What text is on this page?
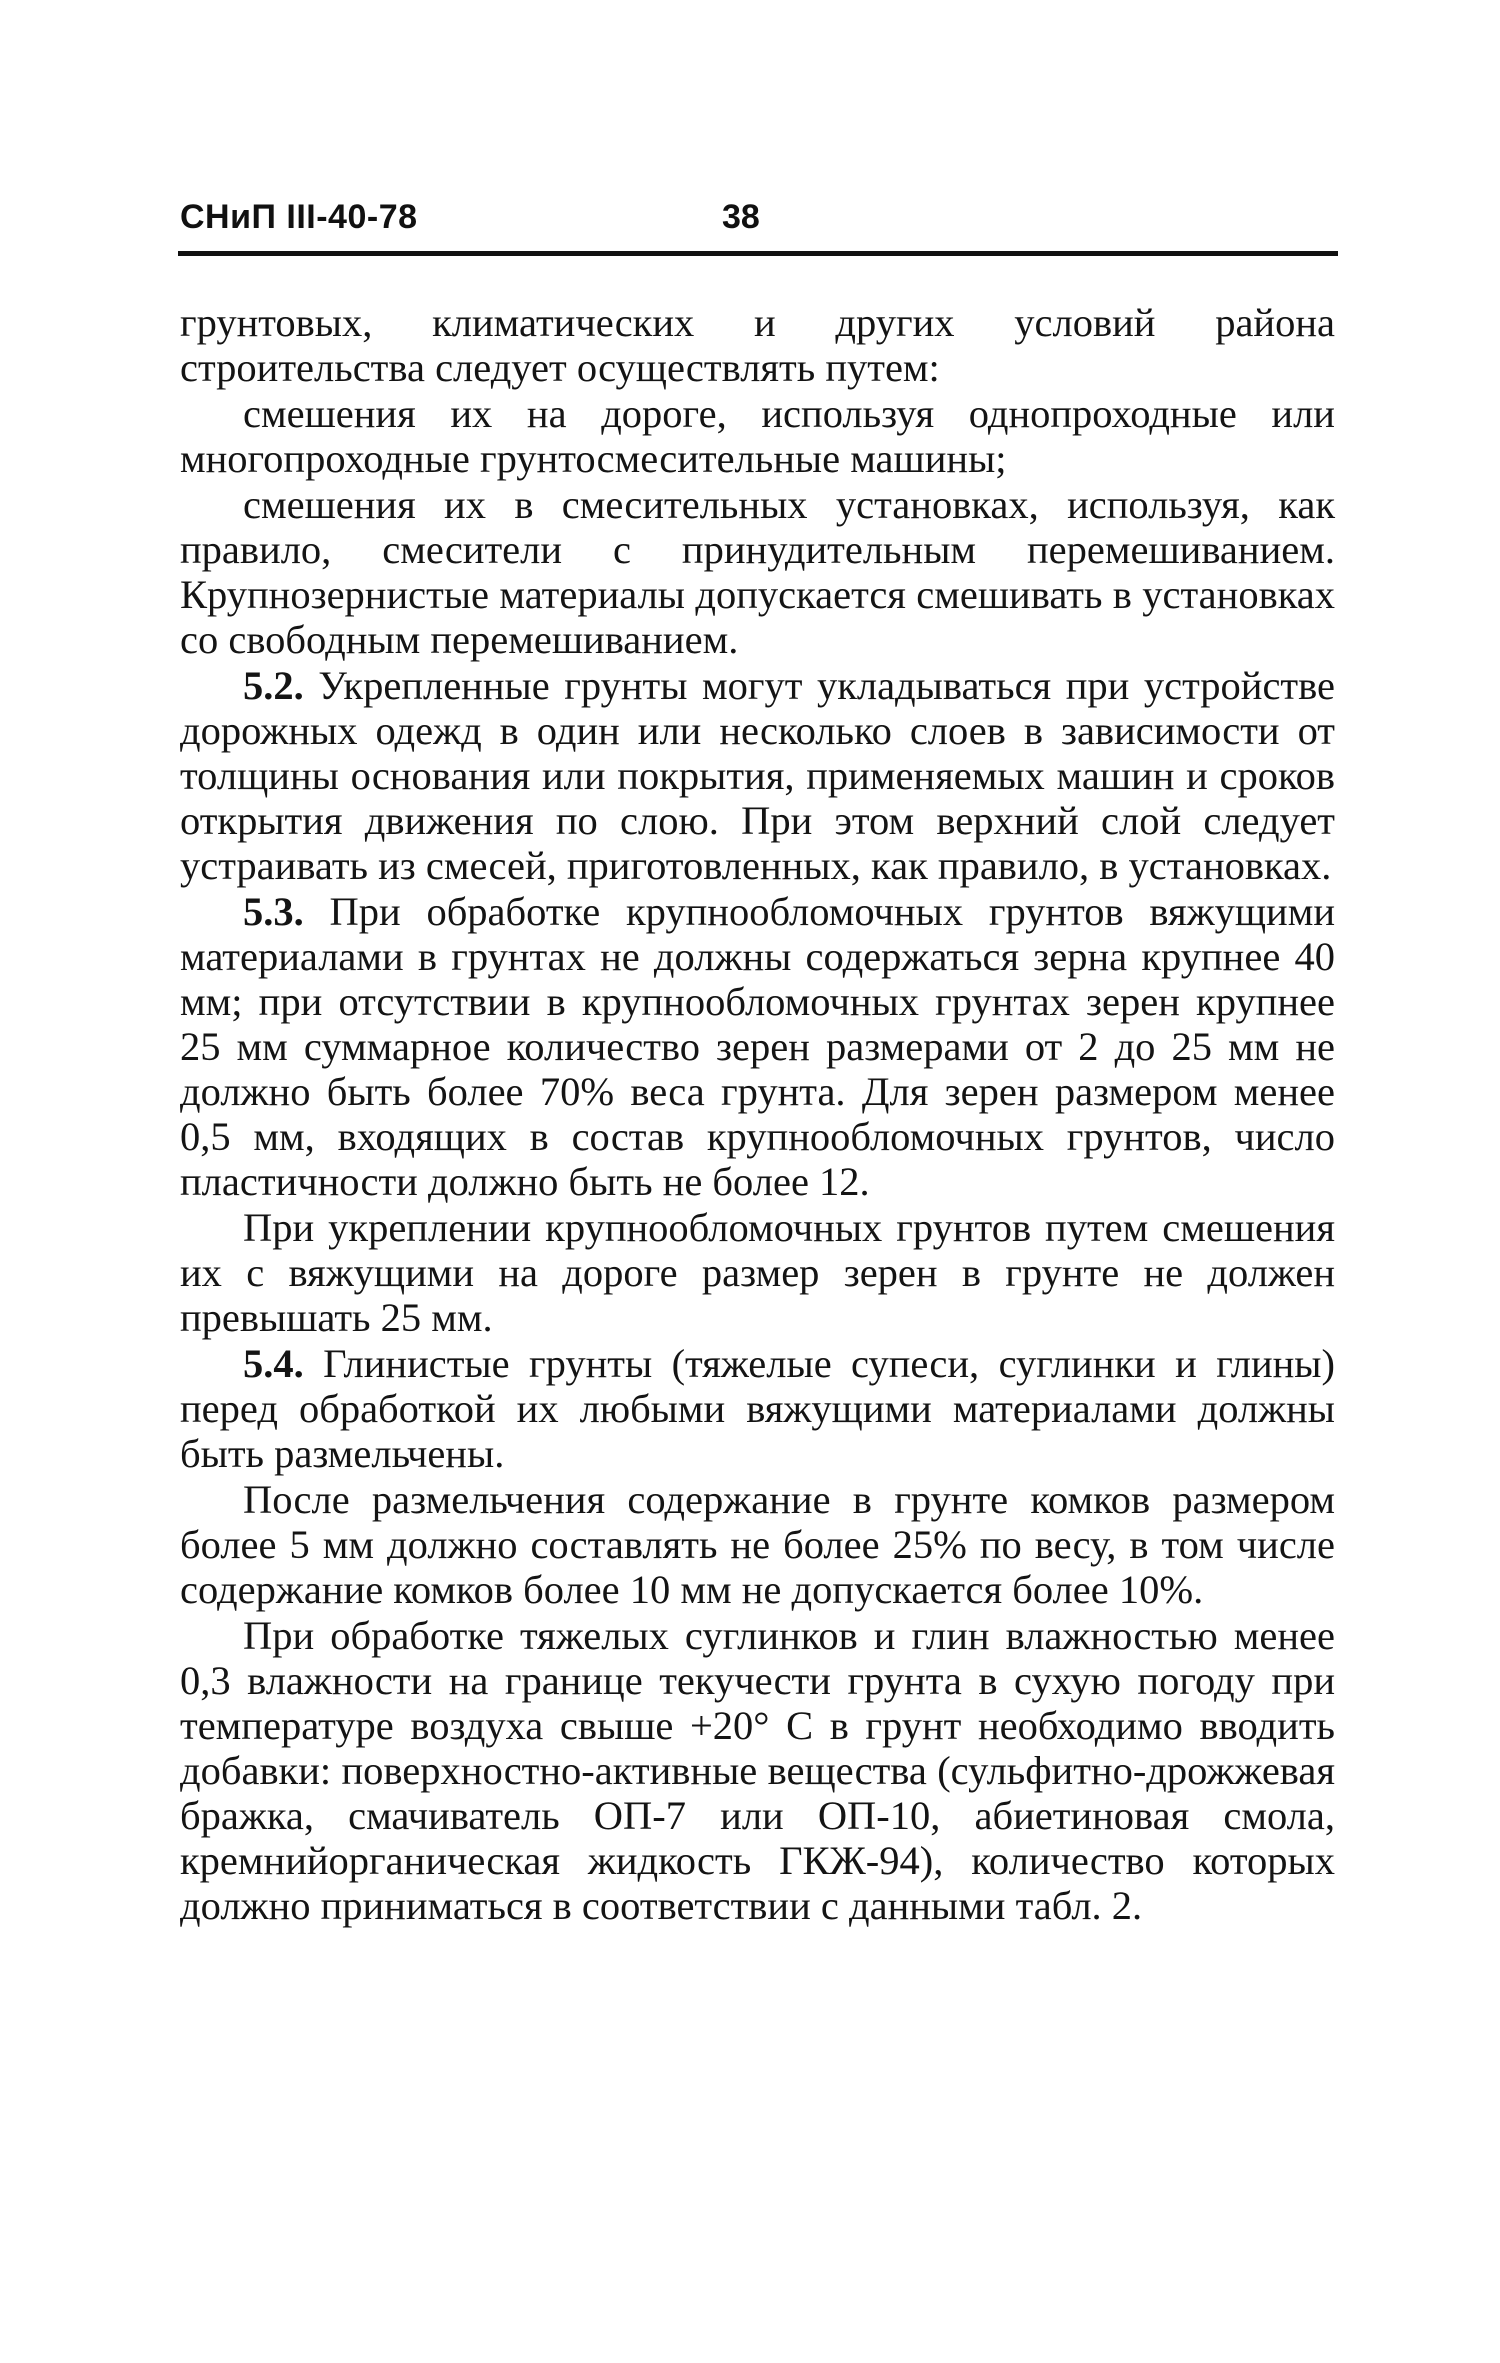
СНиП III-40-78	38

грунтовых, климатических и других условий района строительства следует осуществлять путем:

смешения их на дороге, используя однопроходные или многопроходные грунтосмесительные машины;

смешения их в смесительных установках, используя, как правило, смесители с принудительным перемешиванием. Крупнозернистые материалы допускается смешивать в установках со свободным перемешиванием.

5.2. Укрепленные грунты могут укладываться при устройстве дорожных одежд в один или несколько слоев в зависимости от толщины основания или покрытия, применяемых машин и сроков открытия движения по слою. При этом верхний слой следует устраивать из смесей, приготовленных, как правило, в установках.

5.3. При обработке крупнообломочных грунтов вяжущими материалами в грунтах не должны содержаться зерна крупнее 40 мм; при отсутствии в крупнообломочных грунтах зерен крупнее 25 мм суммарное количество зерен размерами от 2 до 25 мм не должно быть более 70% веса грунта. Для зерен размером менее 0,5 мм, входящих в состав крупнообломочных грунтов, число пластичности должно быть не более 12.

При укреплении крупнообломочных грунтов путем смешения их с вяжущими на дороге размер зерен в грунте не должен превышать 25 мм.

5.4. Глинистые грунты (тяжелые супеси, суглинки и глины) перед обработкой их любыми вяжущими материалами должны быть размельчены.

После размельчения содержание в грунте комков размером более 5 мм должно составлять не более 25% по весу, в том числе содержание комков более 10 мм не допускается более 10%.

При обработке тяжелых суглинков и глин влажностью менее 0,3 влажности на границе текучести грунта в сухую погоду при температуре воздуха свыше +20° С в грунт необходимо вводить добавки: поверхностно-активные вещества (сульфитно-дрожжевая бражка, смачиватель ОП-7 или ОП-10, абиетиновая смола, кремнийорганическая жидкость ГКЖ-94), количество которых должно приниматься в соответствии с данными табл. 2.
